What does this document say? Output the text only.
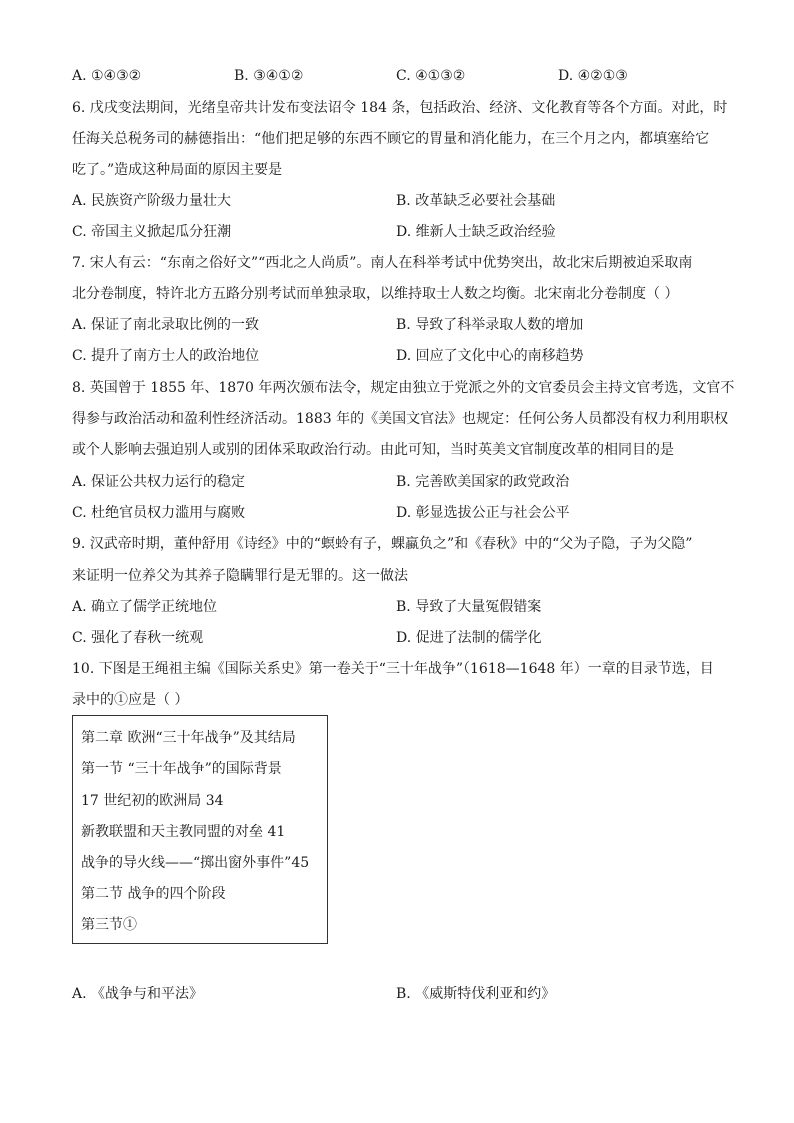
A. ①④③②	B. ③④①②	C. ④①③②	D. ④②①③
6. 戊戌变法期间，光绪皇帝共计发布变法诏令 184 条，包括政治、经济、文化教育等各个方面。对此，时
任海关总税务司的赫德指出：“他们把足够的东西不顾它的胃量和消化能力，在三个月之内，都填塞给它
吃了。”造成这种局面的原因主要是
A. 民族资产阶级力量壮大	B. 改革缺乏必要社会基础
C. 帝国主义掀起瓜分狂潮	D. 维新人士缺乏政治经验
7. 宋人有云：“东南之俗好文”“西北之人尚质”。南人在科举考试中优势突出，故北宋后期被迫采取南
北分卷制度，特许北方五路分别考试而单独录取，以维持取士人数之均衡。北宋南北分卷制度（ ）
A. 保证了南北录取比例的一致	B. 导致了科举录取人数的增加
C. 提升了南方士人的政治地位	D. 回应了文化中心的南移趋势
8. 英国曾于 1855 年、1870 年两次颁布法令，规定由独立于党派之外的文官委员会主持文官考选，文官不
得参与政治活动和盈利性经济活动。1883 年的《美国文官法》也规定：任何公务人员都没有权力利用职权
或个人影响去强迫别人或别的团体采取政治行动。由此可知，当时英美文官制度改革的相同目的是
A. 保证公共权力运行的稳定	B. 完善欧美国家的政党政治
C. 杜绝官员权力滥用与腐败	D. 彰显选拔公正与社会公平
9. 汉武帝时期，董仲舒用《诗经》中的“螟蛉有子，蜾蠃负之”和《春秋》中的“父为子隐，子为父隐”
来证明一位养父为其养子隐瞒罪行是无罪的。这一做法
A. 确立了儒学正统地位	B. 导致了大量冤假错案
C. 强化了春秋一统观	D. 促进了法制的儒学化
10. 下图是王绳祖主编《国际关系史》第一卷关于“三十年战争”（1618—1648 年）一章的目录节选，目
录中的①应是（ ）
第二章 欧洲“三十年战争”及其结局
第一节 “三十年战争”的国际背景
17 世纪初的欧洲局 34
新教联盟和天主教同盟的对垒 41
战争的导火线——“掷出窗外事件”45
第二节 战争的四个阶段
第三节①
A. 《战争与和平法》	B. 《威斯特伐利亚和约》
